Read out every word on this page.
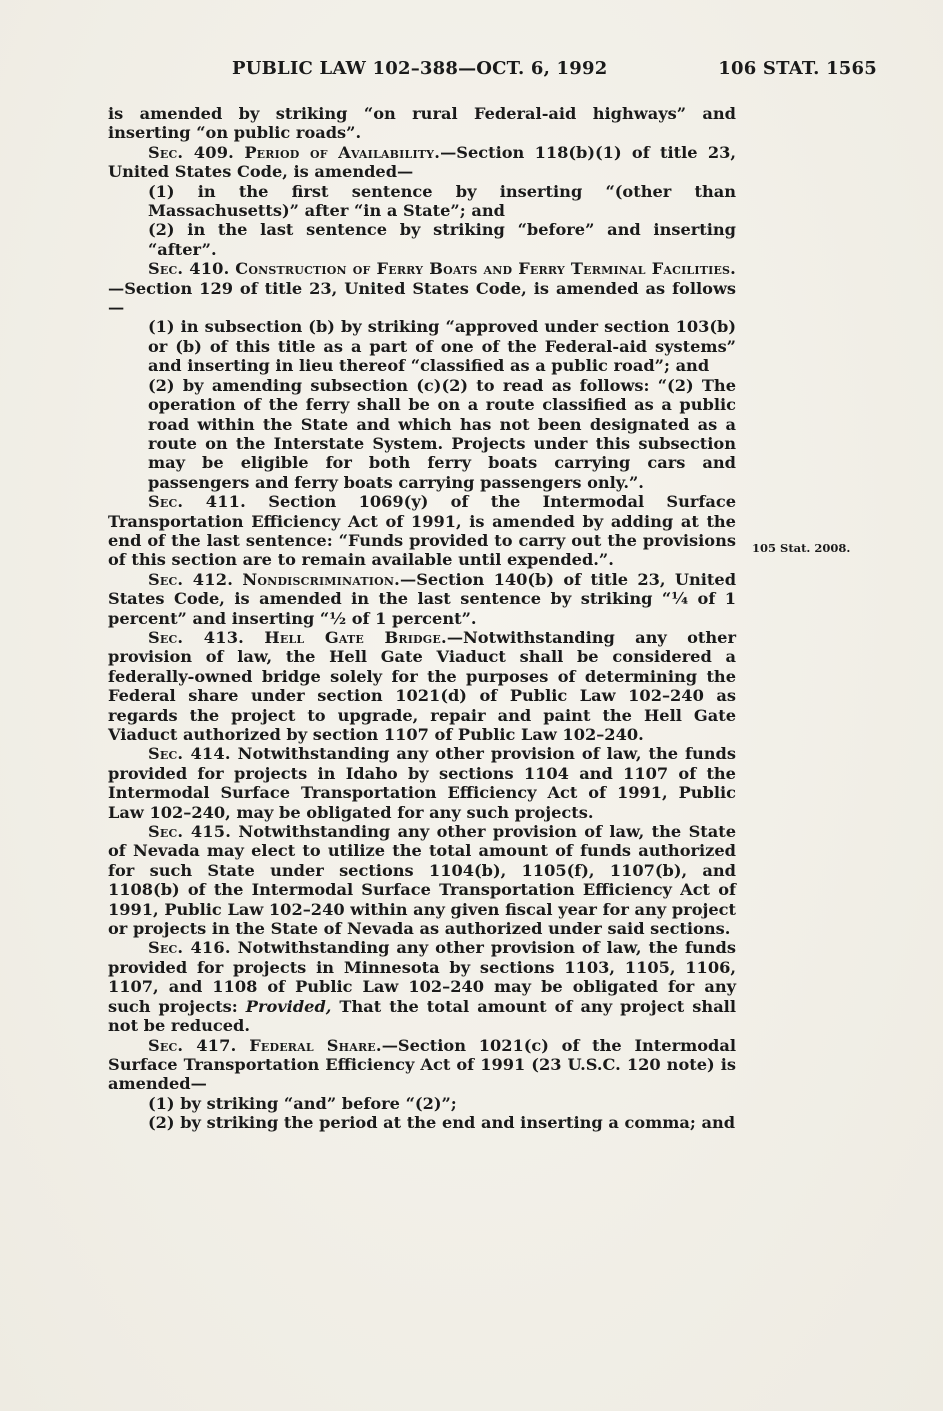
PUBLIC LAW 102–388—OCT. 6, 1992	106 STAT. 1565
105 Stat. 2008.

is amended by striking “on rural Federal-aid highways” and inserting “on public roads”.

Sec. 409. Period of Availability.—Section 118(b)(1) of title 23, United States Code, is amended—

(1) in the first sentence by inserting “(other than Massachusetts)” after “in a State”; and

(2) in the last sentence by striking “before” and inserting “after”.

Sec. 410. Construction of Ferry Boats and Ferry Terminal Facilities.—Section 129 of title 23, United States Code, is amended as follows—

(1) in subsection (b) by striking “approved under section 103(b) or (b) of this title as a part of one of the Federal-aid systems” and inserting in lieu thereof “classified as a public road”; and

(2) by amending subsection (c)(2) to read as follows: “(2) The operation of the ferry shall be on a route classified as a public road within the State and which has not been designated as a route on the Interstate System. Projects under this subsection may be eligible for both ferry boats carrying cars and passengers and ferry boats carrying passengers only.”.

Sec. 411. Section 1069(y) of the Intermodal Surface Transportation Efficiency Act of 1991, is amended by adding at the end of the last sentence: “Funds provided to carry out the provisions of this section are to remain available until expended.”.

Sec. 412. Nondiscrimination.—Section 140(b) of title 23, United States Code, is amended in the last sentence by striking “¼ of 1 percent” and inserting “½ of 1 percent”.

Sec. 413. Hell Gate Bridge.—Notwithstanding any other provision of law, the Hell Gate Viaduct shall be considered a federally-owned bridge solely for the purposes of determining the Federal share under section 1021(d) of Public Law 102–240 as regards the project to upgrade, repair and paint the Hell Gate Viaduct authorized by section 1107 of Public Law 102–240.

Sec. 414. Notwithstanding any other provision of law, the funds provided for projects in Idaho by sections 1104 and 1107 of the Intermodal Surface Transportation Efficiency Act of 1991, Public Law 102–240, may be obligated for any such projects.

Sec. 415. Notwithstanding any other provision of law, the State of Nevada may elect to utilize the total amount of funds authorized for such State under sections 1104(b), 1105(f), 1107(b), and 1108(b) of the Intermodal Surface Transportation Efficiency Act of 1991, Public Law 102–240 within any given fiscal year for any project or projects in the State of Nevada as authorized under said sections.

Sec. 416. Notwithstanding any other provision of law, the funds provided for projects in Minnesota by sections 1103, 1105, 1106, 1107, and 1108 of Public Law 102–240 may be obligated for any such projects: Provided, That the total amount of any project shall not be reduced.

Sec. 417. Federal Share.—Section 1021(c) of the Intermodal Surface Transportation Efficiency Act of 1991 (23 U.S.C. 120 note) is amended—

(1) by striking “and” before “(2)”;

(2) by striking the period at the end and inserting a comma; and
